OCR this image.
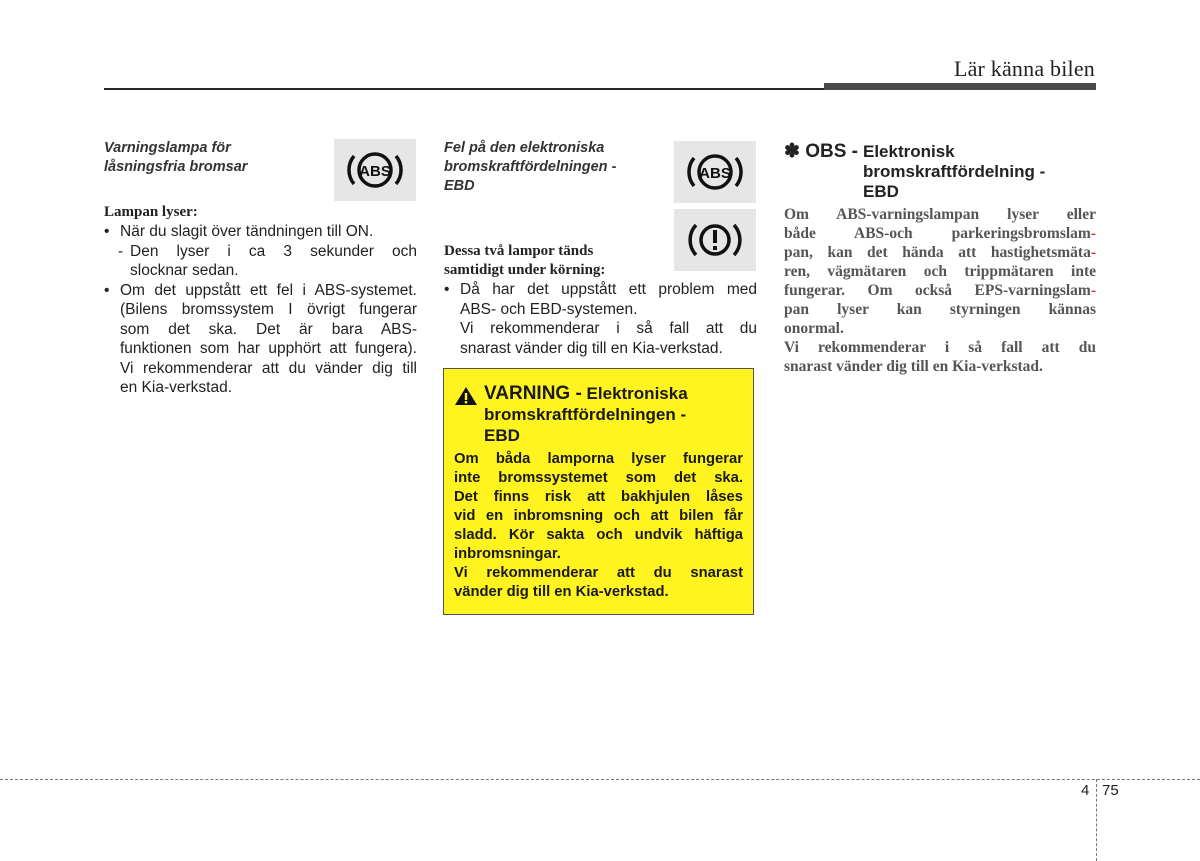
Lär känna bilen
Varningslampa för
låsningsfria bromsar	ABS
Lampan lyser:
• När du slagit över tändningen till ON.
- Den lyser i ca 3 sekunder och
slocknar sedan.
• Om det uppstått ett fel i ABS-systemet.
(Bilens bromssystem I övrigt fungerar
som det ska. Det är bara ABS-
funktionen som har upphört att fungera).
Vi rekommenderar att du vänder dig till
en Kia-verkstad.
Fel på den elektroniska
bromskraftfördelningen -
EBD
ABS
Dessa två lampor tänds
samtidigt under körning:
• Då har det uppstått ett problem med
ABS- och EBD-systemen.
Vi rekommenderar i så fall att du
snarast vänder dig till en Kia-verkstad.
VARNING - Elektroniska
bromskraftfördelningen -
EBD
Om båda lamporna lyser fungerar
inte bromssystemet som det ska.
Det finns risk att bakhjulen låses
vid en inbromsning och att bilen får
sladd. Kör sakta och undvik häftiga
inbromsningar.
Vi rekommenderar att du snarast
vänder dig till en Kia-verkstad.
✽ OBS - Elektronisk
bromskraftfördelning -
EBD
Om ABS-varningslampan lyser eller
både ABS-och parkeringsbromslam-
pan, kan det hända att hastighetsmäta-
ren, vägmätaren och trippmätaren inte
fungerar. Om också EPS-varningslam-
pan lyser kan styrningen kännas
onormal.
Vi rekommenderar i så fall att du
snarast vänder dig till en Kia-verkstad.
4 75
